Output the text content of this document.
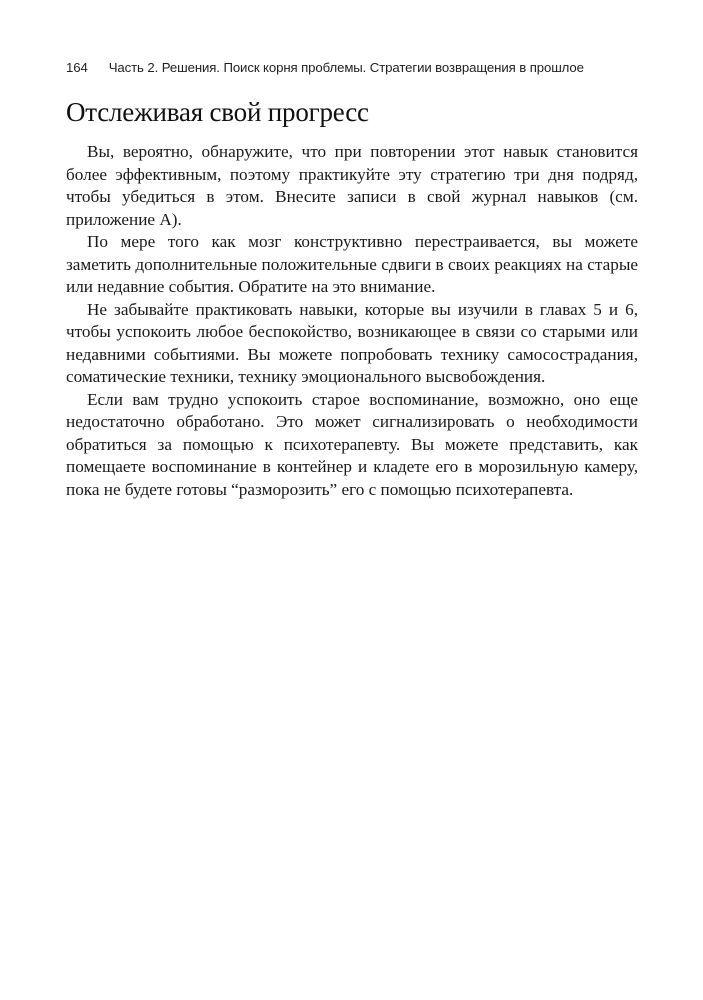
164 Часть 2. Решения. Поиск корня проблемы. Стратегии возвращения в прошлое
Отслеживая свой прогресс

Вы, вероятно, обнаружите, что при повторении этот навык становится более эффективным, поэтому практикуйте эту стратегию три дня подряд, чтобы убедиться в этом. Внесите записи в свой журнал навыков (см. приложение А).

По мере того как мозг конструктивно перестраивается, вы можете заметить дополнительные положительные сдвиги в своих реакциях на старые или недавние события. Обратите на это внимание.

Не забывайте практиковать навыки, которые вы изучили в главах 5 и 6, чтобы успокоить любое беспокойство, возникающее в связи со старыми или недавними событиями. Вы можете попробовать технику самосострадания, соматические техники, технику эмоционального высвобождения.

Если вам трудно успокоить старое воспоминание, возможно, оно еще недостаточно обработано. Это может сигнализировать о необходимости обратиться за помощью к психотерапевту. Вы можете представить, как помещаете воспоминание в контейнер и кладете его в морозильную камеру, пока не будете готовы “разморозить” его с помощью психотерапевта.
